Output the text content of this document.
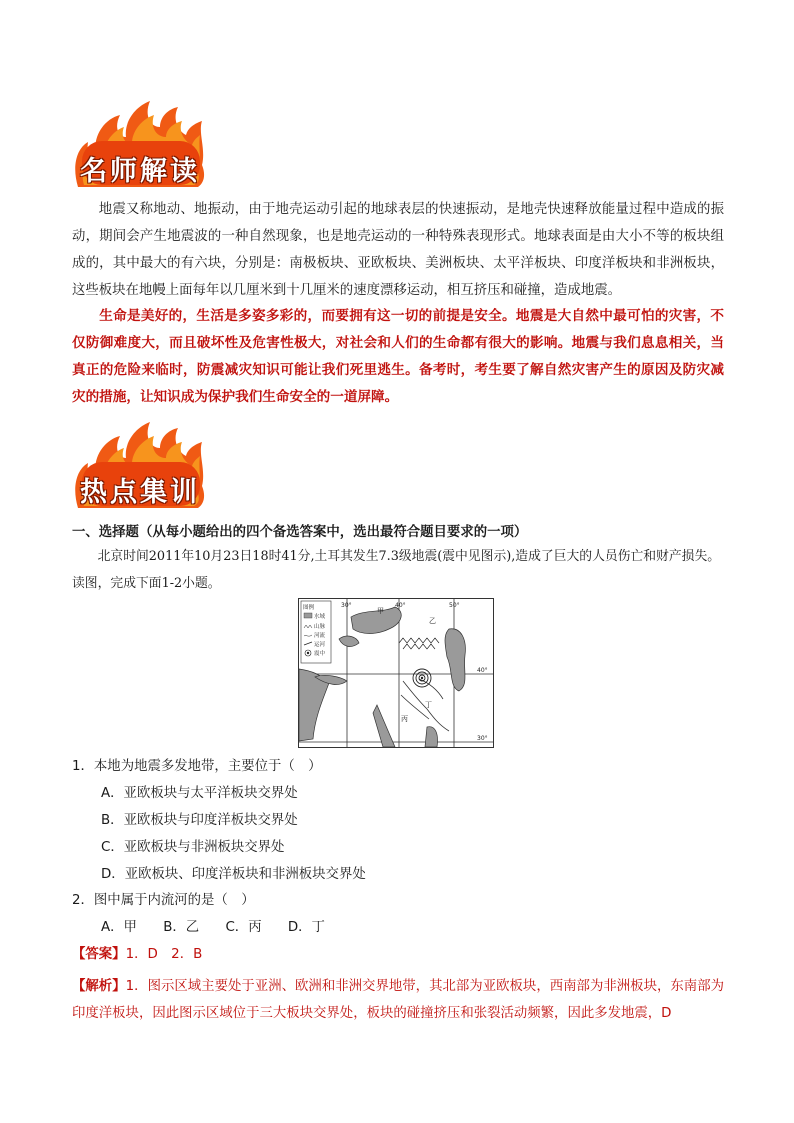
名师解读

地震又称地动、地振动，由于地壳运动引起的地球表层的快速振动，是地壳快速释放能量过程中造成的振动，期间会产生地震波的一种自然现象，也是地壳运动的一种特殊表现形式。地球表面是由大小不等的板块组成的，其中最大的有六块，分别是：南极板块、亚欧板块、美洲板块、太平洋板块、印度洋板块和非洲板块，这些板块在地幔上面每年以几厘米到十几厘米的速度漂移运动，相互挤压和碰撞，造成地震。

生命是美好的，生活是多姿多彩的，而要拥有这一切的前提是安全。地震是大自然中最可怕的灾害，不仅防御难度大，而且破坏性及危害性极大，对社会和人们的生命都有很大的影响。地震与我们息息相关，当真正的危险来临时，防震减灾知识可能让我们死里逃生。备考时，考生要了解自然灾害产生的原因及防灾减灾的措施，让知识成为保护我们生命安全的一道屏障。

热点集训

一、选择题（从每小题给出的四个备选答案中，选出最符合题目要求的一项）

北京时间2011年10月23日18时41分,土耳其发生7.3级地震(震中见图示),造成了巨大的人员伤亡和财产损失。读图，完成下面1-2小题。

图例
水域
山脉
河流
运河
震中
30°	40°	50°
40°
30°
甲
乙
丙
丁

1．本地为地震多发地带，主要位于（　）

A．亚欧板块与太平洋板块交界处

B．亚欧板块与印度洋板块交界处

C．亚欧板块与非洲板块交界处

D．亚欧板块、印度洋板块和非洲板块交界处

2．图中属于内流河的是（　）

A．甲 B．乙 C．丙 D．丁

【答案】1．D　2．B

【解析】1．图示区域主要处于亚洲、欧洲和非洲交界地带，其北部为亚欧板块，西南部为非洲板块，东南部为印度洋板块，因此图示区域位于三大板块交界处，板块的碰撞挤压和张裂活动频繁，因此多发地震，D
